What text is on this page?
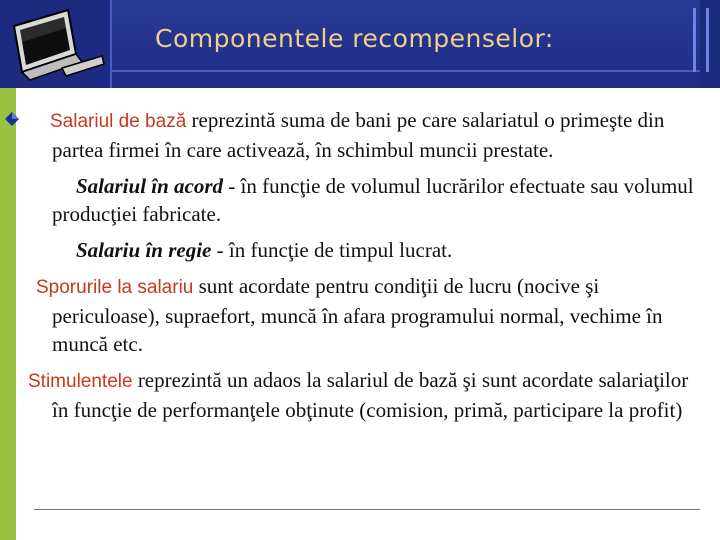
Componentele recompenselor:

Salariul de bază reprezintă suma de bani pe care salariatul o primeşte din partea firmei în care activează, în schimbul muncii prestate.

Salariul în acord - în funcţie de volumul lucrărilor efectuate sau volumul producţiei fabricate.

Salariu în regie - în funcţie de timpul lucrat.

Sporurile la salariu sunt acordate pentru condiţii de lucru (nocive şi periculoase), supraefort, muncă în afara programului normal, vechime în muncă etc.

Stimulentele reprezintă un adaos la salariul de bază şi sunt acordate salariaţilor în funcţie de performanţele obţinute (comision, primă, participare la profit)
